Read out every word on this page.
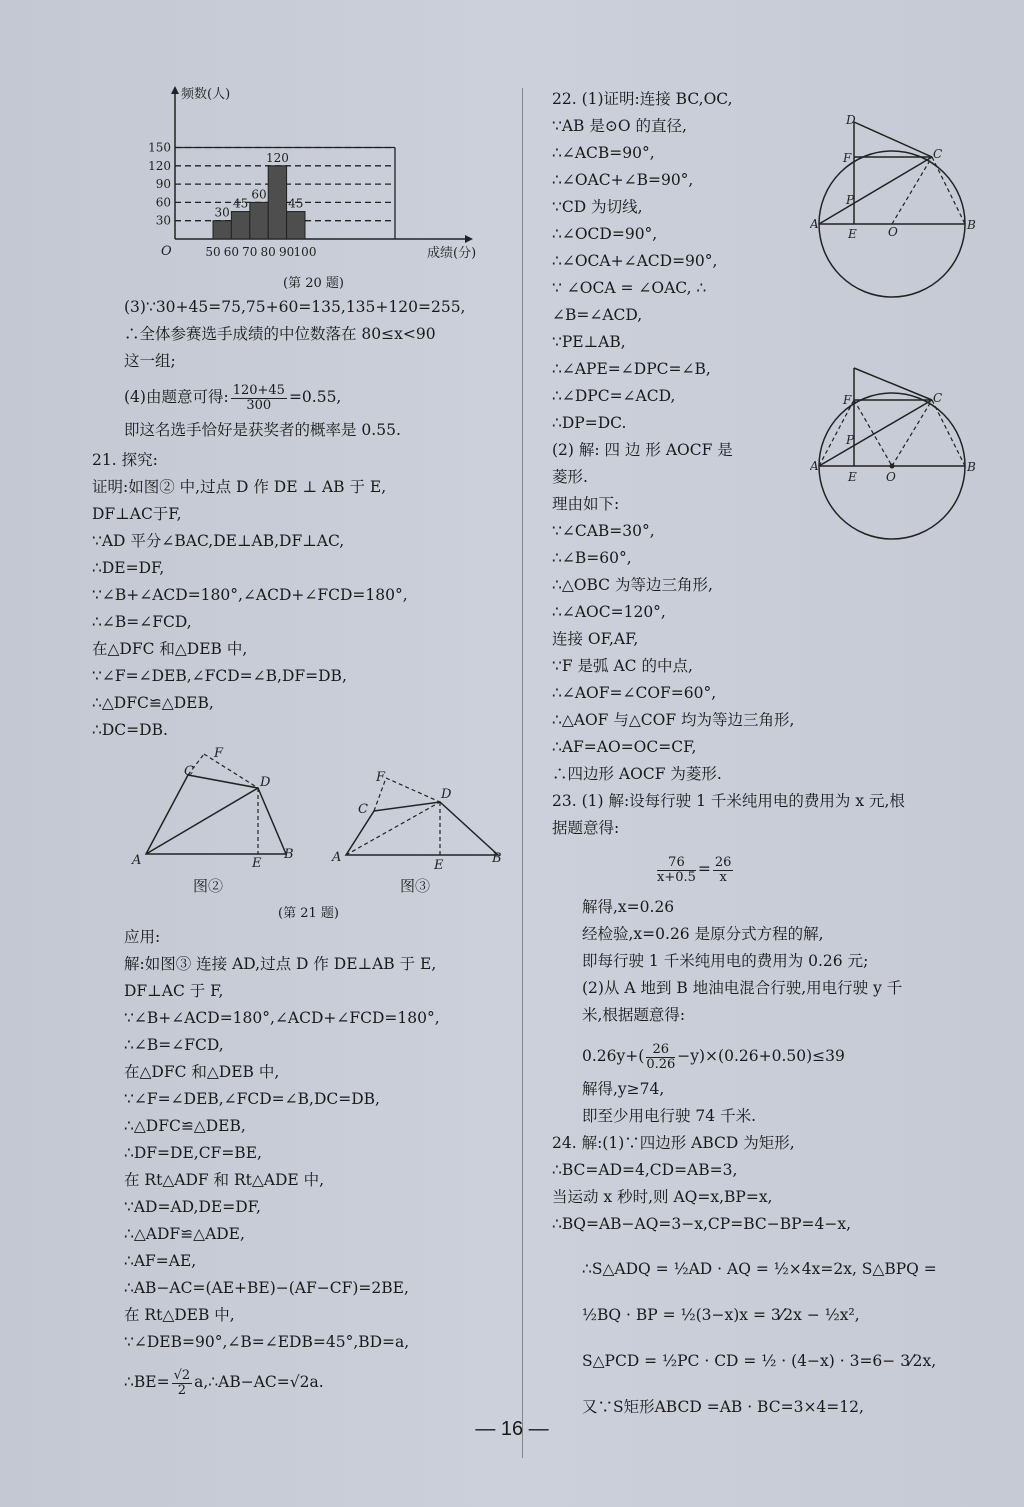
30
60
90
120
150
30
45
60
120
45
50 60 70 80 90 100
O
频数(人)
成绩(分)
(第 20 题)
(3)∵30+45=75,75+60=135,135+120=255,
∴全体参赛选手成绩的中位数落在 80≤x<90
这一组;
(4)由题意可得: $\frac{120+45}{300} =0.55$,
即这名选手恰好是获奖者的概率是 0.55.
21. 探究:
证明:如图② 中,过点 D 作 DE ⊥ AB 于 E,
DF⊥AC于F,
∵AD 平分∠BAC,DE⊥AB,DF⊥AC,
∴DE=DF,
∵∠B+∠ACD=180°,∠ACD+∠FCD=180°,
∴∠B=∠FCD,
在△DFC 和△DEB 中,
∵∠F=∠DEB,∠FCD=∠B,DF=DB,
∴△DFC≌△DEB,
∴DC=DB.
A	B
C
D
E
F
图②
A	B
C
D
E
F
图③
(第 21 题)
应用:
解:如图③ 连接 AD,过点 D 作 DE⊥AB 于 E,
DF⊥AC 于 F,
∵∠B+∠ACD=180°,∠ACD+∠FCD=180°,
∴∠B=∠FCD,
在△DFC 和△DEB 中,
∵∠F=∠DEB,∠FCD=∠B,DC=DB,
∴△DFC≌△DEB,
∴DF=DE,CF=BE,
在 Rt△ADF 和 Rt△ADE 中,
∵AD=AD,DE=DF,
∴△ADF≌△ADE,
∴AF=AE,
∴AB−AC=(AE+BE)−(AF−CF)=2BE,
在 Rt△DEB 中,
∵∠DEB=90°,∠B=∠EDB=45°,BD=a,
∴BE= $\frac{√2}{2}$ a,∴AB−AC=√2a.
22. (1)证明:连接 BC,OC,
∵AB 是⊙O 的直径,
∴∠ACB=90°,
∴∠OAC+∠B=90°,
∵CD 为切线,
∴∠OCD=90°,
∴∠OCA+∠ACD=90°,
∵ ∠OCA = ∠OAC, ∴
∠B=∠ACD,
∵PE⊥AB,
∴∠APE=∠DPC=∠B,
∴∠DPC=∠ACD,
∴DP=DC.
(2) 解: 四 边 形 AOCF 是
菱形.
理由如下:
∵∠CAB=30°,
∴∠B=60°,
∴△OBC 为等边三角形,
∴∠AOC=120°,
连接 OF,AF,
∵F 是弧 AC 的中点,
∴∠AOF=∠COF=60°,
∴△AOF 与△COF 均为等边三角形,
∴AF=AO=OC=CF,
∴四边形 AOCF 为菱形.
D
F	C
P
A
E	O	B
F	C
P
A
E O
B
23. (1) 解:设每行驶 1 千米纯用电的费用为 x 元,根
据题意得:
$\frac{76}{x+0.5} = \frac{26}{x}$
解得,x=0.26
经检验,x=0.26 是原分式方程的解,
即每行驶 1 千米纯用电的费用为 0.26 元;
(2)从 A 地到 B 地油电混合行驶,用电行驶 y 千
米,根据题意得:
$0.26y+( \frac{26}{0.26} -y)\times(0.26+0.50)\le 39$
解得,y≥74,
即至少用电行驶 74 千米.
24. 解:(1)∵四边形 ABCD 为矩形,
∴BC=AD=4,CD=AB=3,
当运动 x 秒时,则 AQ=x,BP=x,
∴BQ=AB−AQ=3−x,CP=BC−BP=4−x,
∴S△ADQ = ½AD · AQ = ½×4x=2x, S△BPQ =
½BQ · BP = ½(3−x)x = 3⁄2x − ½x²,
S△PCD = ½PC · CD = ½ · (4−x) · 3=6− 3⁄2x,
又∵S矩形ABCD =AB · BC=3×4=12,
— 16 —
